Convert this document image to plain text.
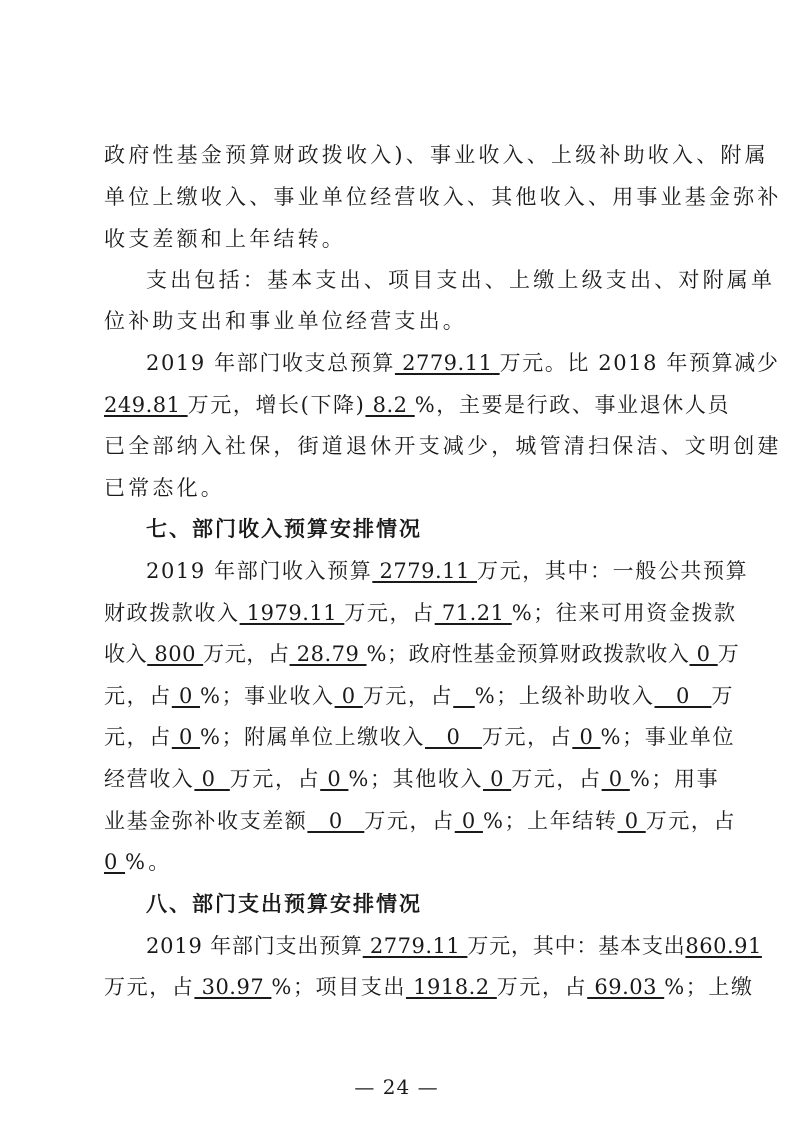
政府性基金预算财政拨收入)、事业收入、上级补助收入、附属
单位上缴收入、事业单位经营收入、其他收入、用事业基金弥补
收支差额和上年结转。
支出包括：基本支出、项目支出、上缴上级支出、对附属单
位补助支出和事业单位经营支出。
2019 年部门收支总预算 2779.11 万元。比 2018 年预算减少
249.81 万元，增长(下降) 8.2 %，主要是行政、事业退休人员
已全部纳入社保，街道退休开支减少，城管清扫保洁、文明创建
已常态化。
七、部门收入预算安排情况
2019 年部门收入预算 2779.11 万元，其中：一般公共预算
财政拨款收入 1979.11 万元，占 71.21 %；往来可用资金拨款
收入 800 万元，占 28.79 %；政府性基金预算财政拨款收入 0 万
元，占 0 %；事业收入 0 万元，占 %；上级补助收入   0   万
元，占 0 %；附属单位上缴收入   0   万元，占 0 %；事业单位
经营收入 0  万元，占 0 %；其他收入 0 万元，占 0 %；用事
业基金弥补收支差额   0   万元，占 0 %；上年结转 0 万元，占
0 %。
八、部门支出预算安排情况
2019 年部门支出预算 2779.11 万元，其中：基本支出860.91
万元，占 30.97 %；项目支出 1918.2 万元，占 69.03 %；上缴
— 24 —
